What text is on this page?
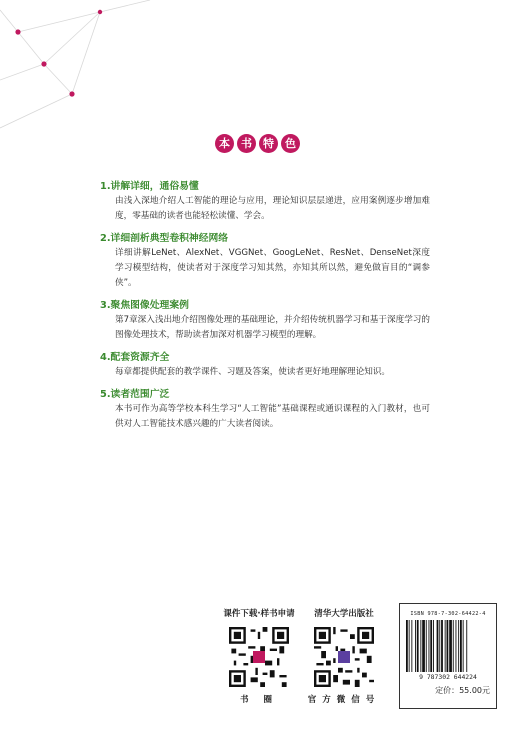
本	书	特	色
1.讲解详细，通俗易懂
由浅入深地介绍人工智能的理论与应用，理论知识层层递进，应用案例逐步增加难度，零基础的读者也能轻松读懂、学会。
2.详细剖析典型卷积神经网络
详细讲解LeNet、AlexNet、VGGNet、GoogLeNet、ResNet、DenseNet深度学习模型结构，使读者对于深度学习知其然，亦知其所以然，避免做盲目的“调参侠”。
3.聚焦图像处理案例
第7章深入浅出地介绍图像处理的基础理论，并介绍传统机器学习和基于深度学习的图像处理技术，帮助读者加深对机器学习模型的理解。
4.配套资源齐全
每章都提供配套的教学课件、习题及答案，使读者更好地理解理论知识。
5.读者范围广泛
本书可作为高等学校本科生学习“人工智能”基础课程或通识课程的入门教材，也可供对人工智能技术感兴趣的广大读者阅读。
课件下载·样书申请
书 圈
清华大学出版社
官方微信号
ISBN 978-7-302-64422-4
9 787302 644224
定价：55.00元
